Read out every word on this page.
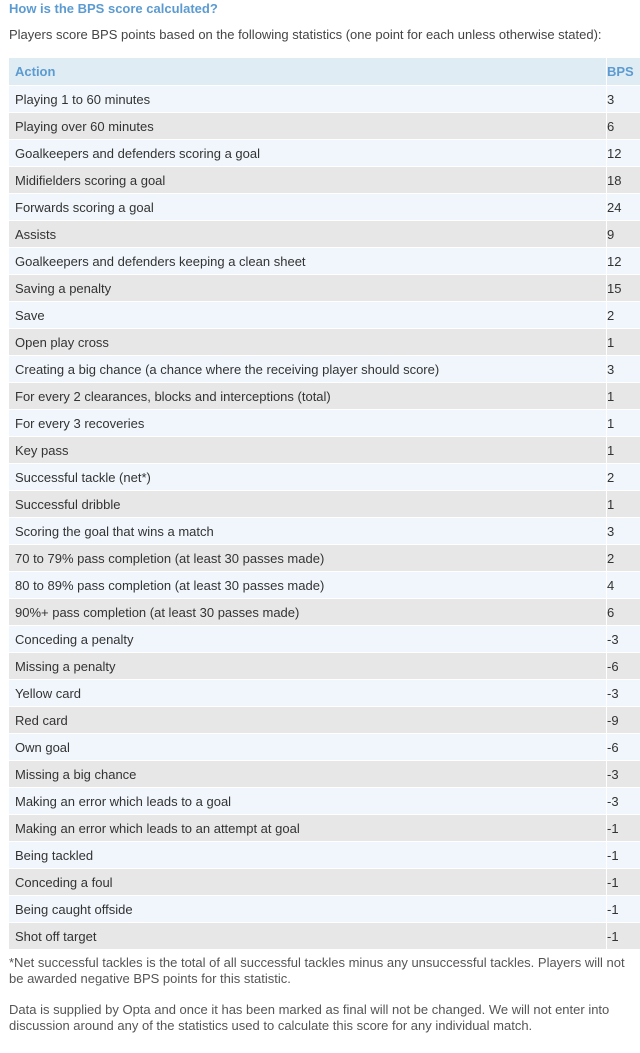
How is the BPS score calculated?

Players score BPS points based on the following statistics (one point for each unless otherwise stated):

Action	BPS
Playing 1 to 60 minutes	3
Playing over 60 minutes	6
Goalkeepers and defenders scoring a goal	12
Midifielders scoring a goal	18
Forwards scoring a goal	24
Assists	9
Goalkeepers and defenders keeping a clean sheet	12
Saving a penalty	15
Save	2
Open play cross	1
Creating a big chance (a chance where the receiving player should score)	3
For every 2 clearances, blocks and interceptions (total)	1
For every 3 recoveries	1
Key pass	1
Successful tackle (net*)	2
Successful dribble	1
Scoring the goal that wins a match	3
70 to 79% pass completion (at least 30 passes made)	2
80 to 89% pass completion (at least 30 passes made)	4
90%+ pass completion (at least 30 passes made)	6
Conceding a penalty	-3
Missing a penalty	-6
Yellow card	-3
Red card	-9
Own goal	-6
Missing a big chance	-3
Making an error which leads to a goal	-3
Making an error which leads to an attempt at goal	-1
Being tackled	-1
Conceding a foul	-1
Being caught offside	-1
Shot off target	-1

*Net successful tackles is the total of all successful tackles minus any unsuccessful tackles. Players will not be awarded negative BPS points for this statistic.

Data is supplied by Opta and once it has been marked as final will not be changed. We will not enter into discussion around any of the statistics used to calculate this score for any individual match.
